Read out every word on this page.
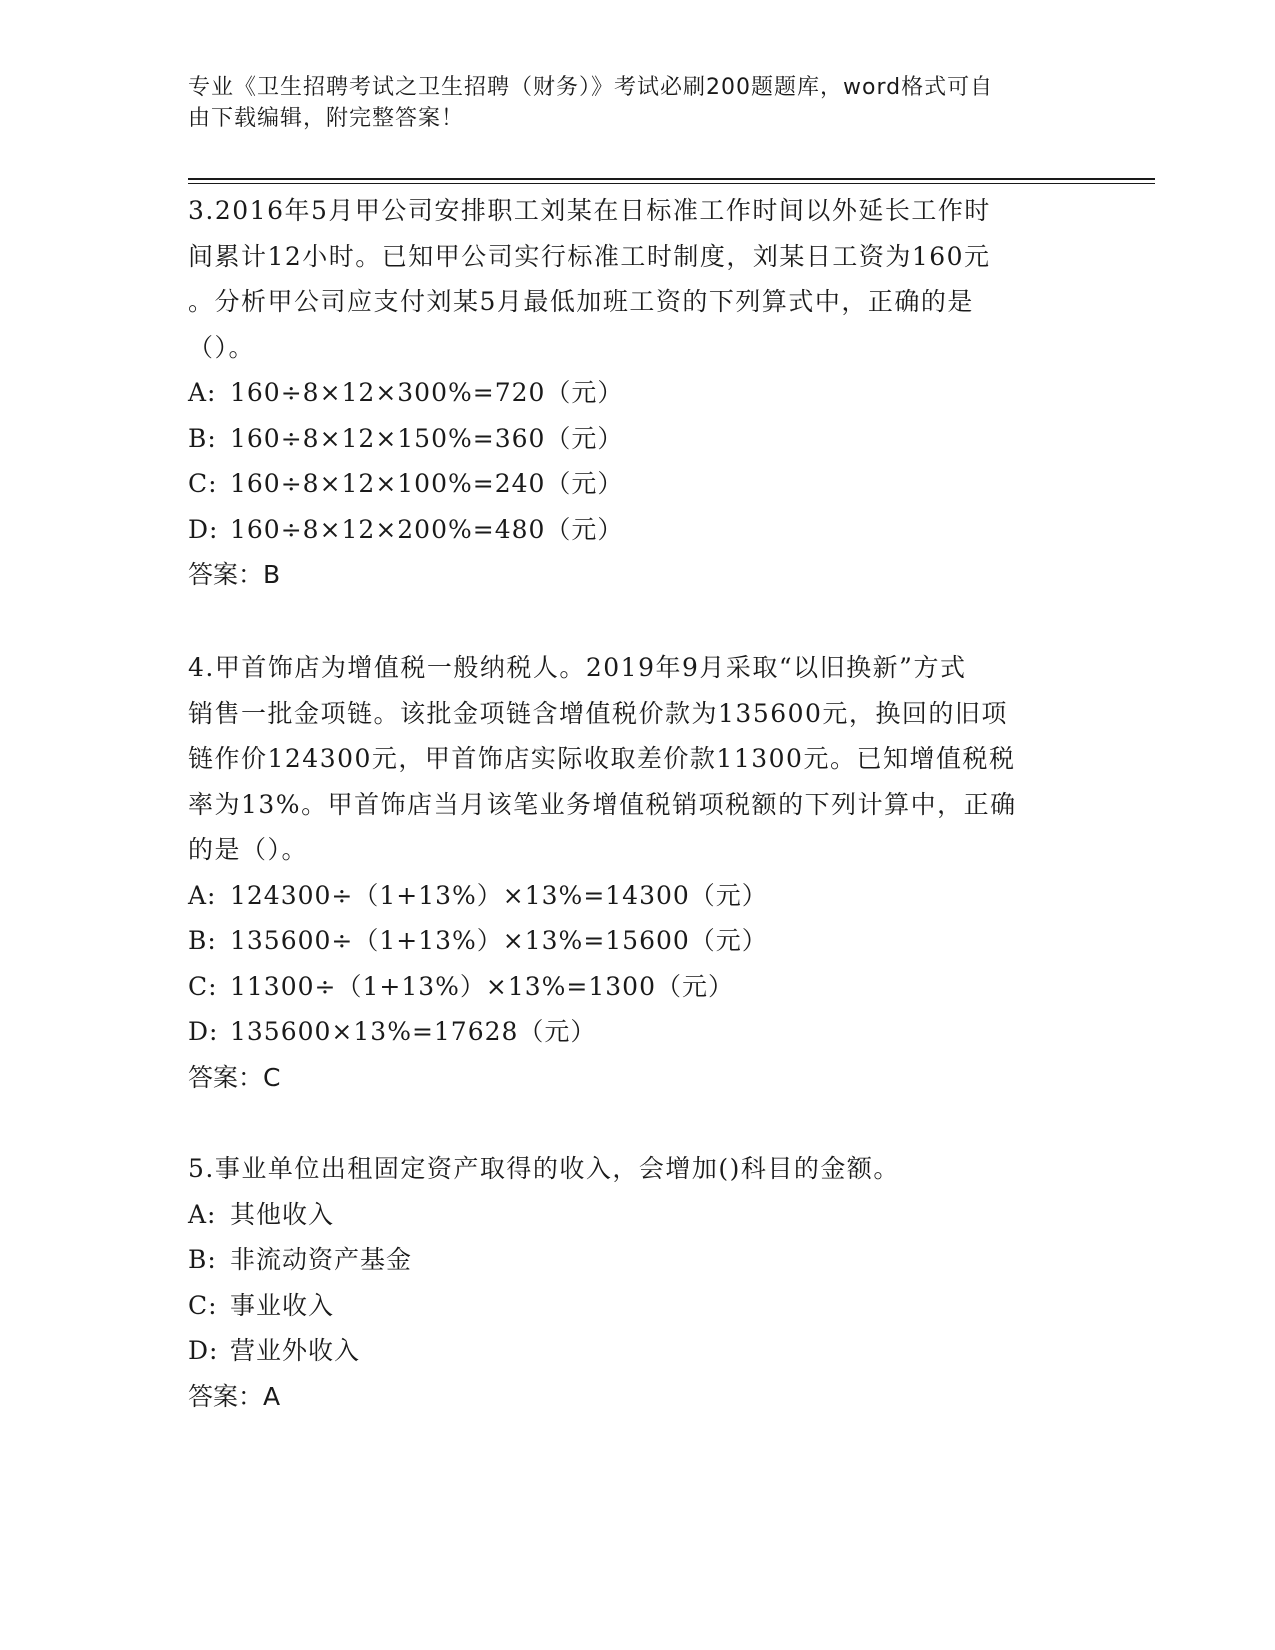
专业《卫生招聘考试之卫生招聘（财务）》考试必刷200题题库，word格式可自
由下载编辑，附完整答案！

3.2016年5月甲公司安排职工刘某在日标准工作时间以外延长工作时

间累计12小时。已知甲公司实行标准工时制度，刘某日工资为160元

。分析甲公司应支付刘某5月最低加班工资的下列算式中，正确的是

（）。

A: 160÷8×12×300%=720（元）

B: 160÷8×12×150%=360（元）

C: 160÷8×12×100%=240（元）

D: 160÷8×12×200%=480（元）

答案：B

4.甲首饰店为增值税一般纳税人。2019年9月采取“以旧换新”方式

销售一批金项链。该批金项链含增值税价款为135600元，换回的旧项

链作价124300元，甲首饰店实际收取差价款11300元。已知增值税税

率为13%。甲首饰店当月该笔业务增值税销项税额的下列计算中，正确

的是（）。

A: 124300÷（1+13%）×13%=14300（元）

B: 135600÷（1+13%）×13%=15600（元）

C: 11300÷（1+13%）×13%=1300（元）

D: 135600×13%=17628（元）

答案：C

5.事业单位出租固定资产取得的收入，会增加()科目的金额。

A: 其他收入

B: 非流动资产基金

C: 事业收入

D: 营业外收入

答案：A
